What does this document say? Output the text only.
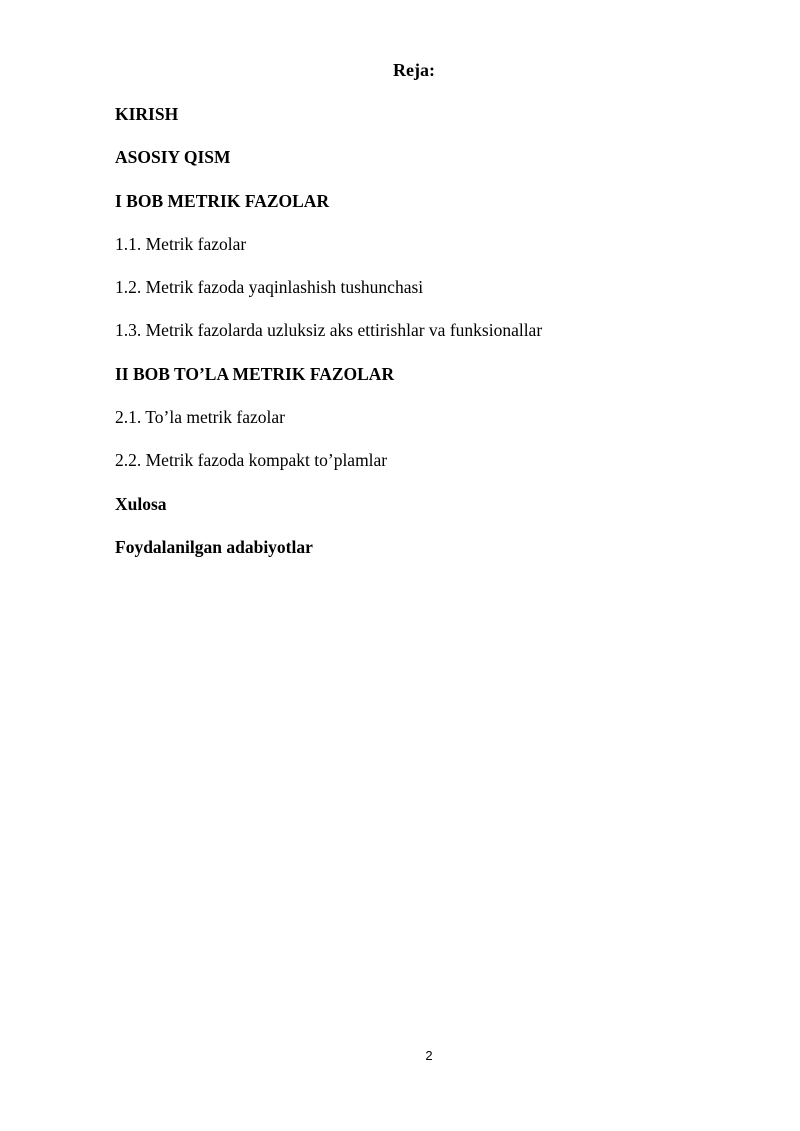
Reja:
KIRISH
ASOSIY QISM
I BOB METRIK FAZOLAR
1.1. Metrik fazolar
1.2. Metrik fazoda yaqinlashish tushunchasi
1.3. Metrik fazolarda uzluksiz aks ettirishlar va funksionallar
II BOB TO’LA METRIK FAZOLAR
2.1. To’la metrik fazolar
2.2. Metrik fazoda kompakt to’plamlar
Xulosa
Foydalanilgan adabiyotlar
2
